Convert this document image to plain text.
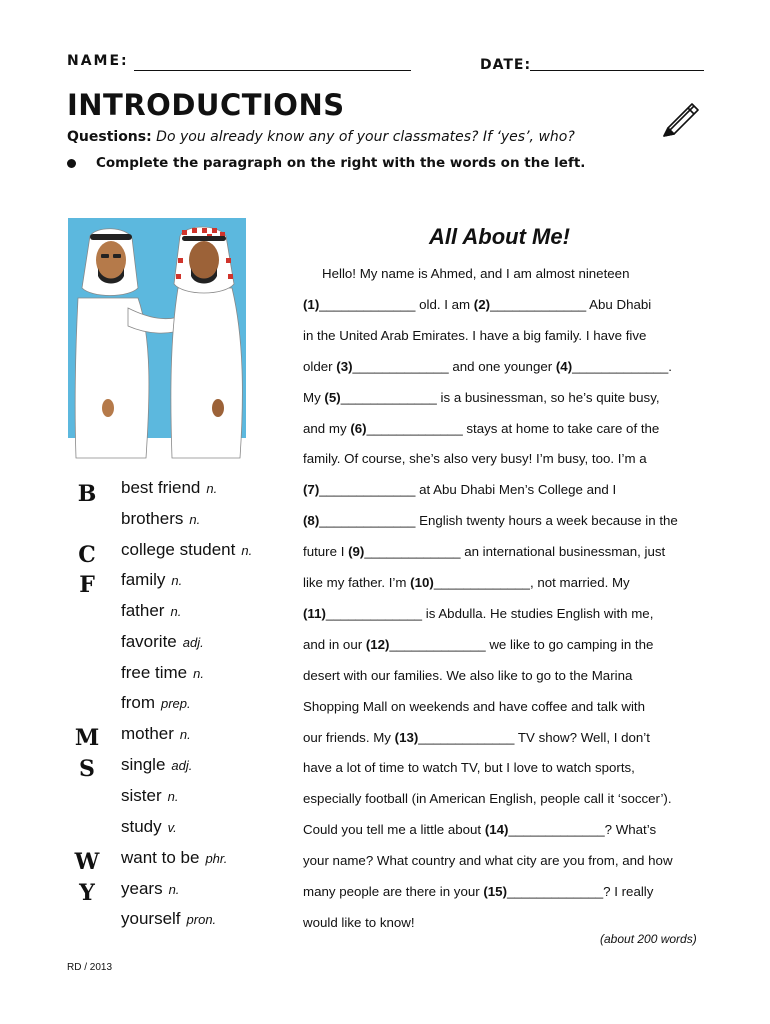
NAME:	DATE:
INTRODUCTIONS
Questions: Do you already know any of your classmates? If ‘yes’, who?
Complete the paragraph on the right with the words on the left.
B
C
F
M
S
W
Y
best friend n.
brothers n.
college student n.
family n.
father n.
favorite adj.
free time n.
from prep.
mother n.
single adj.
sister n.
study v.
want to be phr.
years n.
yourself pron.
All About Me!
Hello! My name is Ahmed, and I am almost nineteen
(1)_____________ old. I am (2)_____________ Abu Dhabi
in the United Arab Emirates. I have a big family. I have five
older (3)_____________ and one younger (4)_____________.
My (5)_____________ is a businessman, so he’s quite busy,
and my (6)_____________ stays at home to take care of the
family. Of course, she’s also very busy! I’m busy, too. I’m a
(7)_____________ at Abu Dhabi Men’s College and I
(8)_____________ English twenty hours a week because in the
future I (9)_____________ an international businessman, just
like my father. I’m (10)_____________, not married. My
(11)_____________ is Abdulla. He studies English with me,
and in our (12)_____________ we like to go camping in the
desert with our families. We also like to go to the Marina
Shopping Mall on weekends and have coffee and talk with
our friends. My (13)_____________ TV show? Well, I don’t
have a lot of time to watch TV, but I love to watch sports,
especially football (in American English, people call it ‘soccer’).
Could you tell me a little about (14)_____________? What’s
your name? What country and what city are you from, and how
many people are there in your (15)_____________? I really
would like to know!
(about 200 words)
RD / 2013
